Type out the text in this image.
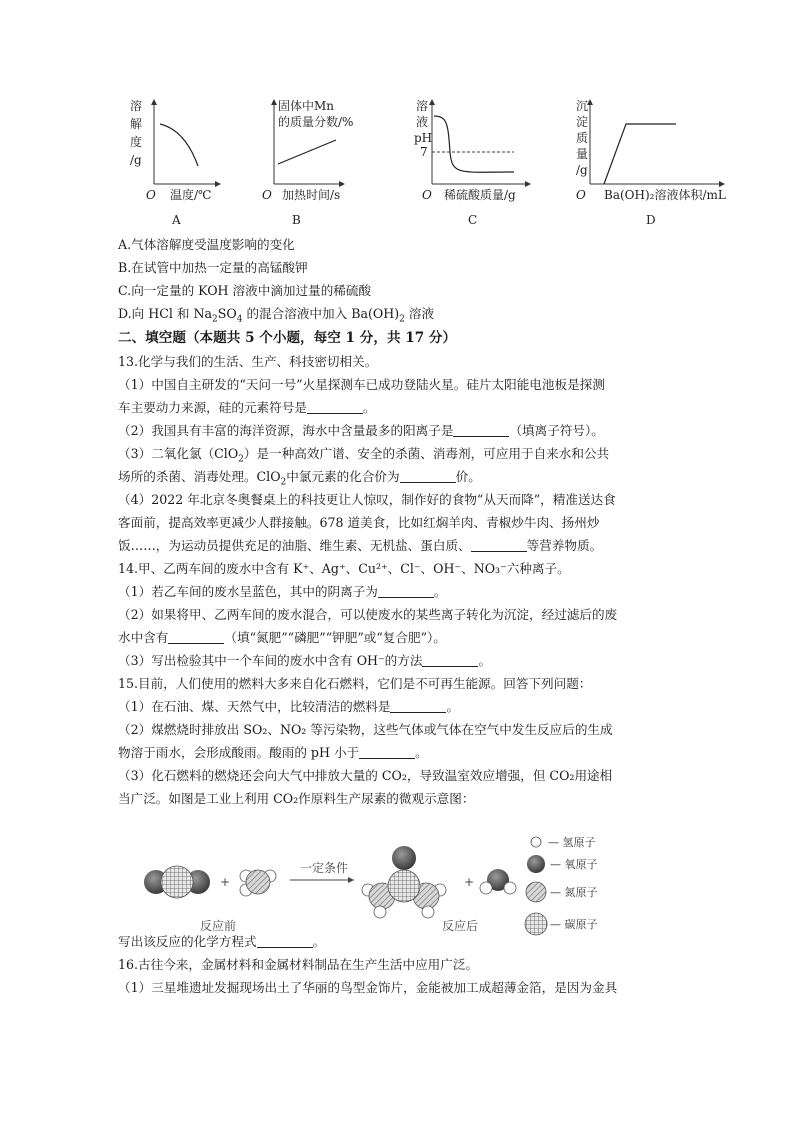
溶
解
度
/g
O 温度/℃
A
固体中Mn
的质量分数/%
O 加热时间/s
B
溶
液
pH
7
O 稀硫酸质量/g
C
沉
淀
质
量
/g
O Ba(OH)₂溶液体积/mL
D
A.气体溶解度受温度影响的变化
B.在试管中加热一定量的高锰酸钾
C.向一定量的 KOH 溶液中滴加过量的稀硫酸
D.向 HCl 和 $Na_2SO_4$ 的混合溶液中加入 $Ba(OH)_2$ 溶液
二、填空题（本题共 5 个小题，每空 1 分，共 17 分）
13.化学与我们的生活、生产、科技密切相关。
（1）中国自主研发的“天问一号”火星探测车已成功登陆火星。硅片太阳能电池板是探测
车主要动力来源，硅的元素符号是	。
（2）我国具有丰富的海洋资源，海水中含量最多的阳离子是	（填离子符号）。
（3）二氧化氯（ClO$_2$）是一种高效广谱、安全的杀菌、消毒剂，可应用于自来水和公共
场所的杀菌、消毒处理。ClO$_2$中氯元素的化合价为	价。
（4）2022 年北京冬奥餐桌上的科技更让人惊叹，制作好的食物“从天而降”，精准送达食
客面前，提高效率更减少人群接触。678 道美食，比如红焖羊肉、青椒炒牛肉、扬州炒
饭……，为运动员提供充足的油脂、维生素、无机盐、蛋白质、	等营养物质。
14.甲、乙两车间的废水中含有 K⁺、Ag⁺、Cu²⁺、Cl⁻、OH⁻、NO₃⁻六种离子。
（1）若乙车间的废水呈蓝色，其中的阴离子为	。
（2）如果将甲、乙两车间的废水混合，可以使废水的某些离子转化为沉淀，经过滤后的废
水中含有	（填“氮肥”“磷肥”“钾肥”或“复合肥”）。
（3）写出检验其中一个车间的废水中含有 OH⁻的方法	。
15.目前，人们使用的燃料大多来自化石燃料，它们是不可再生能源。回答下列问题：
（1）在石油、煤、天然气中，比较清洁的燃料是	。
（2）煤燃烧时排放出 SO₂、NO₂ 等污染物，这些气体或气体在空气中发生反应后的生成
物溶于雨水，会形成酸雨。酸雨的 pH 小于	。
（3）化石燃料的燃烧还会向大气中排放大量的 CO₂，导致温室效应增强，但 CO₂用途相
当广泛。如图是工业上利用 CO₂作原料生产尿素的微观示意图：
写出该反应的化学方程式	。
16.古往今来，金属材料和金属材料制品在生产生活中应用广泛。
（1）三星堆遗址发掘现场出土了华丽的鸟型金饰片，金能被加工成超薄金箔，是因为金具
+
一定条件
+
反应前	反应后
— 氢原子
— 氧原子
— 氮原子
— 碳原子
